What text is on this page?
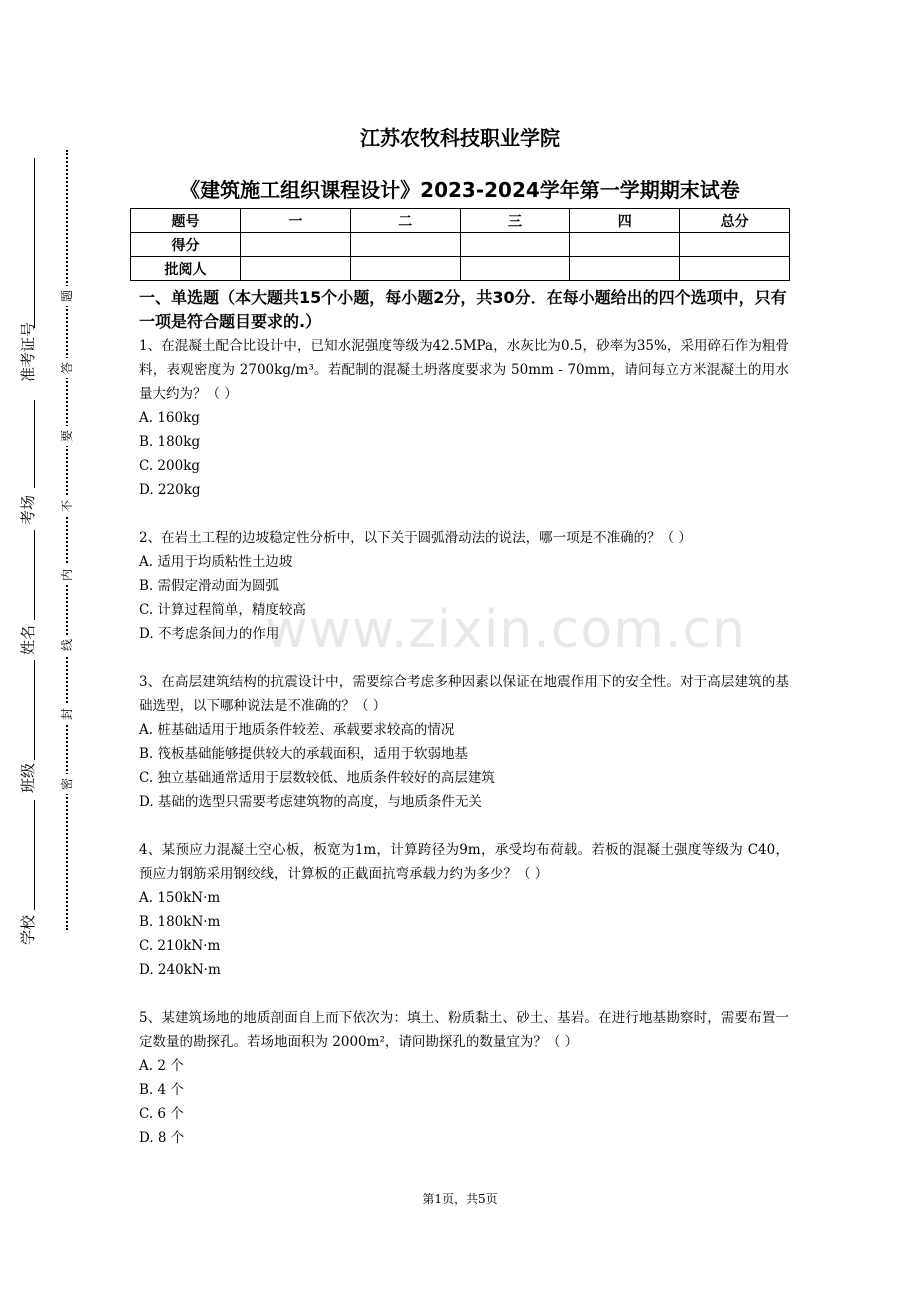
题
答
要
不
内
线
封
密
准考证号
考场
姓名
班级
学校
江苏农牧科技职业学院
《建筑施工组织课程设计》2023-2024学年第一学期期末试卷
题号	一	二	三	四	总分
得分					
批阅人					
一、单选题（本大题共15个小题，每小题2分，共30分．在每小题给出的四个选项中，只有一项是符合题目要求的.）
1、在混凝土配合比设计中，已知水泥强度等级为42.5MPa，水灰比为0.5，砂率为35%，采用碎石作为粗骨料，表观密度为 2700kg/m³。若配制的混凝土坍落度要求为 50mm - 70mm，请问每立方米混凝土的用水量大约为？（ ）
A. 160kg
B. 180kg
C. 200kg
D. 220kg
2、在岩土工程的边坡稳定性分析中，以下关于圆弧滑动法的说法，哪一项是不准确的？（ ）
A. 适用于均质粘性土边坡
B. 需假定滑动面为圆弧
C. 计算过程简单，精度较高
D. 不考虑条间力的作用
3、在高层建筑结构的抗震设计中，需要综合考虑多种因素以保证在地震作用下的安全性。对于高层建筑的基础选型，以下哪种说法是不准确的？（ ）
A. 桩基础适用于地质条件较差、承载要求较高的情况
B. 筏板基础能够提供较大的承载面积，适用于软弱地基
C. 独立基础通常适用于层数较低、地质条件较好的高层建筑
D. 基础的选型只需要考虑建筑物的高度，与地质条件无关
4、某预应力混凝土空心板，板宽为1m，计算跨径为9m，承受均布荷载。若板的混凝土强度等级为 C40，预应力钢筋采用钢绞线，计算板的正截面抗弯承载力约为多少？（ ）
A. 150kN·m
B. 180kN·m
C. 210kN·m
D. 240kN·m
5、某建筑场地的地质剖面自上而下依次为：填土、粉质黏土、砂土、基岩。在进行地基勘察时，需要布置一定数量的勘探孔。若场地面积为 2000m²，请问勘探孔的数量宜为？（ ）
A. 2 个
B. 4 个
C. 6 个
D. 8 个
www.zixin.com.cn
第1页，共5页
